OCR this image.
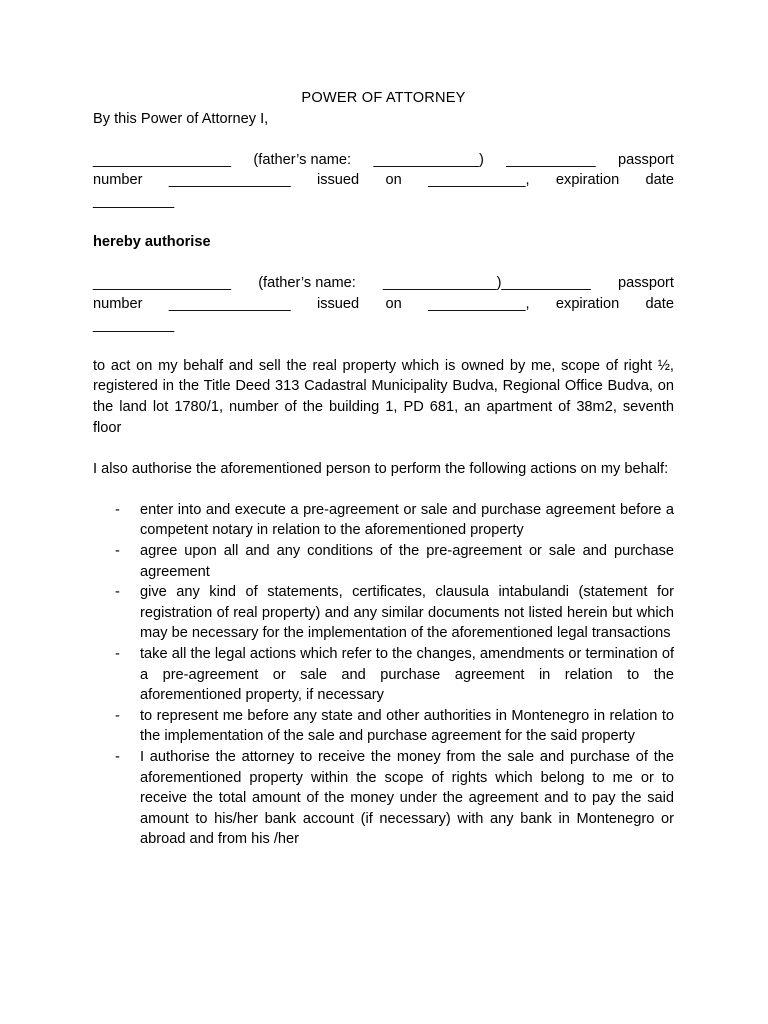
POWER OF ATTORNEY
By this Power of Attorney I,
_________________ (father’s name: _____________) ___________ passport
number _______________ issued on ____________, expiration date
__________
hereby authorise
_________________ (father’s name: ______________)___________ passport
number _______________ issued on ____________, expiration date
__________
to act on my behalf and sell the real property which is owned by me, scope of right ½, registered in the Title Deed 313 Cadastral Municipality Budva, Regional Office Budva, on the land lot 1780/1, number of the building 1, PD 681, an apartment of 38m2, seventh floor
I also authorise the aforementioned person to perform the following actions on my behalf:
- enter into and execute a pre-agreement or sale and purchase agreement before a competent notary in relation to the aforementioned property
- agree upon all and any conditions of the pre-agreement or sale and purchase agreement
- give any kind of statements, certificates, clausula intabulandi (statement for registration of real property) and any similar documents not listed herein but which may be necessary for the implementation of the aforementioned legal transactions
- take all the legal actions which refer to the changes, amendments or termination of a pre-agreement or sale and purchase agreement in relation to the aforementioned property, if necessary
- to represent me before any state and other authorities in Montenegro in relation to the implementation of the sale and purchase agreement for the said property
- I authorise the attorney to receive the money from the sale and purchase of the aforementioned property within the scope of rights which belong to me or to receive the total amount of the money under the agreement and to pay the said amount to his/her bank account (if necessary) with any bank in Montenegro or abroad and from his /her
